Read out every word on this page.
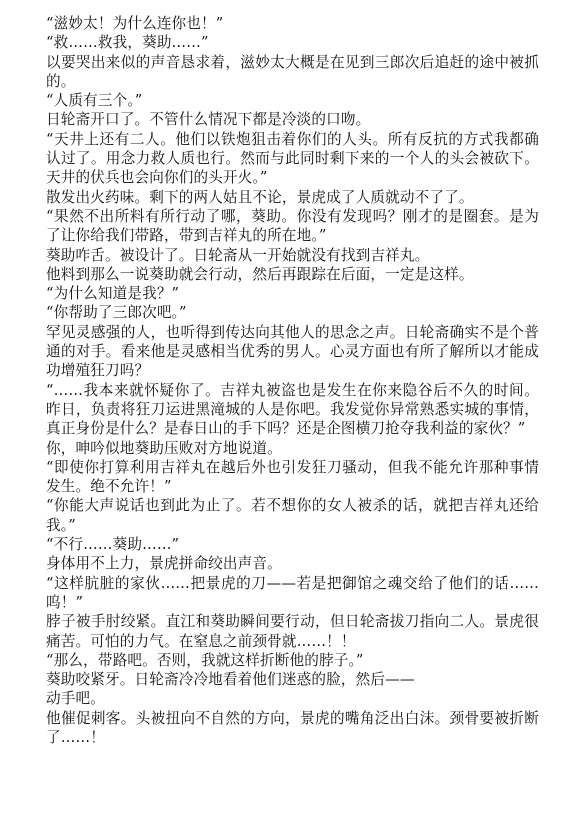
“滋妙太！为什么连你也！”

“救……救我，葵助……”

以要哭出来似的声音恳求着，滋妙太大概是在见到三郎次后追赶的途中被抓的。

“人质有三个。”

日轮斋开口了。不管什么情况下都是冷淡的口吻。

“天井上还有二人。他们以铁炮狙击着你们的人头。所有反抗的方式我都确认过了。用念力救人质也行。然而与此同时剩下来的一个人的头会被砍下。天井的伏兵也会向你们的头开火。”

散发出火药味。剩下的两人姑且不论，景虎成了人质就动不了了。

“果然不出所料有所行动了哪，葵助。你没有发现吗？刚才的是圈套。是为了让你给我们带路，带到吉祥丸的所在地。”

葵助咋舌。被设计了。日轮斋从一开始就没有找到吉祥丸。

他料到那么一说葵助就会行动，然后再跟踪在后面，一定是这样。

“为什么知道是我？”

“你帮助了三郎次吧。”

罕见灵感强的人，也听得到传达向其他人的思念之声。日轮斋确实不是个普通的对手。看来他是灵感相当优秀的男人。心灵方面也有所了解所以才能成功增殖狂刀吗？

“……我本来就怀疑你了。吉祥丸被盗也是发生在你来隐谷后不久的时间。昨日，负责将狂刀运进黑滝城的人是你吧。我发觉你异常熟悉实城的事情，真正身份是什么？是春日山的手下吗？还是企图横刀抢夺我利益的家伙？”

你，呻吟似地葵助压败对方地说道。

“即使你打算利用吉祥丸在越后外也引发狂刀骚动，但我不能允许那种事情发生。绝不允许！”

“你能大声说话也到此为止了。若不想你的女人被杀的话，就把吉祥丸还给我。”

“不行……葵助……”

身体用不上力，景虎拼命绞出声音。

“这样肮脏的家伙……把景虎的刀——若是把御馆之魂交给了他们的话……呜！”

脖子被手肘绞紧。直江和葵助瞬间要行动，但日轮斋拔刀指向二人。景虎很痛苦。可怕的力气。在窒息之前颈骨就……！！

“那么，带路吧。否则，我就这样折断他的脖子。”

葵助咬紧牙。日轮斋冷冷地看着他们迷惑的脸，然后——

动手吧。

他催促刺客。头被扭向不自然的方向，景虎的嘴角泛出白沫。颈骨要被折断了……！
